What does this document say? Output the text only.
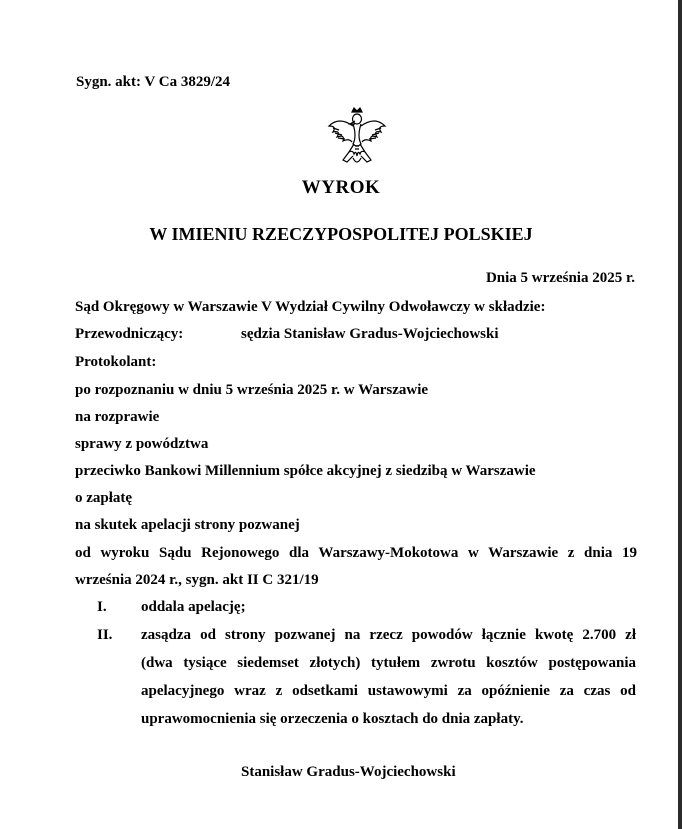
Sygn. akt: V Ca 3829/24
WYROK
W IMIENIU RZECZYPOSPOLITEJ POLSKIEJ
Dnia 5 września 2025 r.
Sąd Okręgowy w Warszawie V Wydział Cywilny Odwoławczy w składzie:
Przewodniczący:	sędzia Stanisław Gradus-Wojciechowski
Protokolant:
po rozpoznaniu w dniu 5 września 2025 r. w Warszawie
na rozprawie
sprawy z powództwa
przeciwko Bankowi Millennium spółce akcyjnej z siedzibą w Warszawie
o zapłatę
na skutek apelacji strony pozwanej
od wyroku Sądu Rejonowego dla Warszawy-Mokotowa w Warszawie z dnia 19
września 2024 r., sygn. akt II C 321/19
I. oddala apelację;
II. zasądza od strony pozwanej na rzecz powodów łącznie kwotę 2.700 zł
(dwa tysiące siedemset złotych) tytułem zwrotu kosztów postępowania
apelacyjnego wraz z odsetkami ustawowymi za opóźnienie za czas od
uprawomocnienia się orzeczenia o kosztach do dnia zapłaty.
Stanisław Gradus-Wojciechowski
